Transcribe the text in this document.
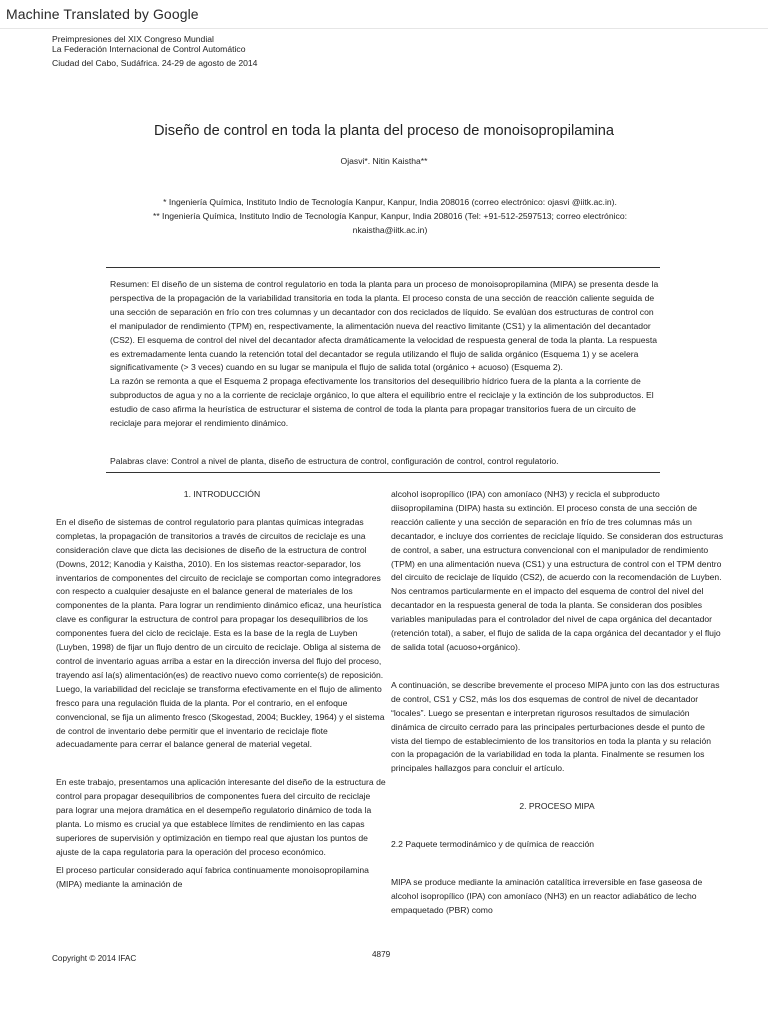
Machine Translated by Google
Preimpresiones del XIX Congreso Mundial
La Federación Internacional de Control Automático
Ciudad del Cabo, Sudáfrica. 24-29 de agosto de 2014
Diseño de control en toda la planta del proceso de monoisopropilamina
Ojasvi*. Nitin Kaistha**
* Ingeniería Química, Instituto Indio de Tecnología Kanpur, Kanpur, India 208016 (correo electrónico: ojasvi @iitk.ac.in).
** Ingeniería Química, Instituto Indio de Tecnología Kanpur, Kanpur, India 208016 (Tel: +91-512-2597513; correo electrónico: nkaistha@iitk.ac.in)

Resumen: El diseño de un sistema de control regulatorio en toda la planta para un proceso de monoisopropilamina (MIPA) se presenta desde la perspectiva de la propagación de la variabilidad transitoria en toda la planta. El proceso consta de una sección de reacción caliente seguida de una sección de separación en frío con tres columnas y un decantador con dos reciclados de líquido. Se evalúan dos estructuras de control con el manipulador de rendimiento (TPM) en, respectivamente, la alimentación nueva del reactivo limitante (CS1) y la alimentación del decantador (CS2). El esquema de control del nivel del decantador afecta dramáticamente la velocidad de respuesta general de toda la planta. La respuesta es extremadamente lenta cuando la retención total del decantador se regula utilizando el flujo de salida orgánico (Esquema 1) y se acelera significativamente (> 3 veces) cuando en su lugar se manipula el flujo de salida total (orgánico + acuoso) (Esquema 2).

La razón se remonta a que el Esquema 2 propaga efectivamente los transitorios del desequilibrio hídrico fuera de la planta a la corriente de subproductos de agua y no a la corriente de reciclaje orgánico, lo que altera el equilibrio entre el reciclaje y la extinción de los subproductos. El estudio de caso afirma la heurística de estructurar el sistema de control de toda la planta para propagar transitorios fuera de un circuito de reciclaje para mejorar el rendimiento dinámico.

Palabras clave: Control a nivel de planta, diseño de estructura de control, configuración de control, control regulatorio.

1. INTRODUCCIÓN

En el diseño de sistemas de control regulatorio para plantas químicas integradas completas, la propagación de transitorios a través de circuitos de reciclaje es una consideración clave que dicta las decisiones de diseño de la estructura de control (Downs, 2012; Kanodia y Kaistha, 2010). En los sistemas reactor-separador, los inventarios de componentes del circuito de reciclaje se comportan como integradores con respecto a cualquier desajuste en el balance general de materiales de los componentes de la planta. Para lograr un rendimiento dinámico eficaz, una heurística clave es configurar la estructura de control para propagar los desequilibrios de los componentes fuera del ciclo de reciclaje. Esta es la base de la regla de Luyben (Luyben, 1998) de fijar un flujo dentro de un circuito de reciclaje. Obliga al sistema de control de inventario aguas arriba a estar en la dirección inversa del flujo del proceso, trayendo así la(s) alimentación(es) de reactivo nuevo como corriente(s) de reposición. Luego, la variabilidad del reciclaje se transforma efectivamente en el flujo de alimento fresco para una regulación fluida de la planta. Por el contrario, en el enfoque convencional, se fija un alimento fresco (Skogestad, 2004; Buckley, 1964) y el sistema de control de inventario debe permitir que el inventario de reciclaje flote adecuadamente para cerrar el balance general de material vegetal.

En este trabajo, presentamos una aplicación interesante del diseño de la estructura de control para propagar desequilibrios de componentes fuera del circuito de reciclaje para lograr una mejora dramática en el desempeño regulatorio dinámico de toda la planta. Lo mismo es crucial ya que establece límites de rendimiento en las capas superiores de supervisión y optimización en tiempo real que ajustan los puntos de ajuste de la capa regulatoria para la operación del proceso económico.

El proceso particular considerado aquí fabrica continuamente monoisopropilamina (MIPA) mediante la aminación de

alcohol isopropílico (IPA) con amoníaco (NH3) y recicla el subproducto diisopropilamina (DIPA) hasta su extinción. El proceso consta de una sección de reacción caliente y una sección de separación en frío de tres columnas más un decantador, e incluye dos corrientes de reciclaje líquido. Se consideran dos estructuras de control, a saber, una estructura convencional con el manipulador de rendimiento (TPM) en una alimentación nueva (CS1) y una estructura de control con el TPM dentro del circuito de reciclaje de líquido (CS2), de acuerdo con la recomendación de Luyben. Nos centramos particularmente en el impacto del esquema de control del nivel del decantador en la respuesta general de toda la planta. Se consideran dos posibles variables manipuladas para el controlador del nivel de capa orgánica del decantador (retención total), a saber, el flujo de salida de la capa orgánica del decantador y el flujo de salida total (acuoso+orgánico).

A continuación, se describe brevemente el proceso MIPA junto con las dos estructuras de control, CS1 y CS2, más los dos esquemas de control de nivel de decantador “locales”. Luego se presentan e interpretan rigurosos resultados de simulación dinámica de circuito cerrado para las principales perturbaciones desde el punto de vista del tiempo de establecimiento de los transitorios en toda la planta y su relación con la propagación de la variabilidad en toda la planta. Finalmente se resumen los principales hallazgos para concluir el artículo.

2. PROCESO MIPA

2.2 Paquete termodinámico y de química de reacción

MIPA se produce mediante la aminación catalítica irreversible en fase gaseosa de alcohol isopropílico (IPA) con amoníaco (NH3) en un reactor adiabático de lecho empaquetado (PBR) como

Copyright © 2014 IFAC	4879
